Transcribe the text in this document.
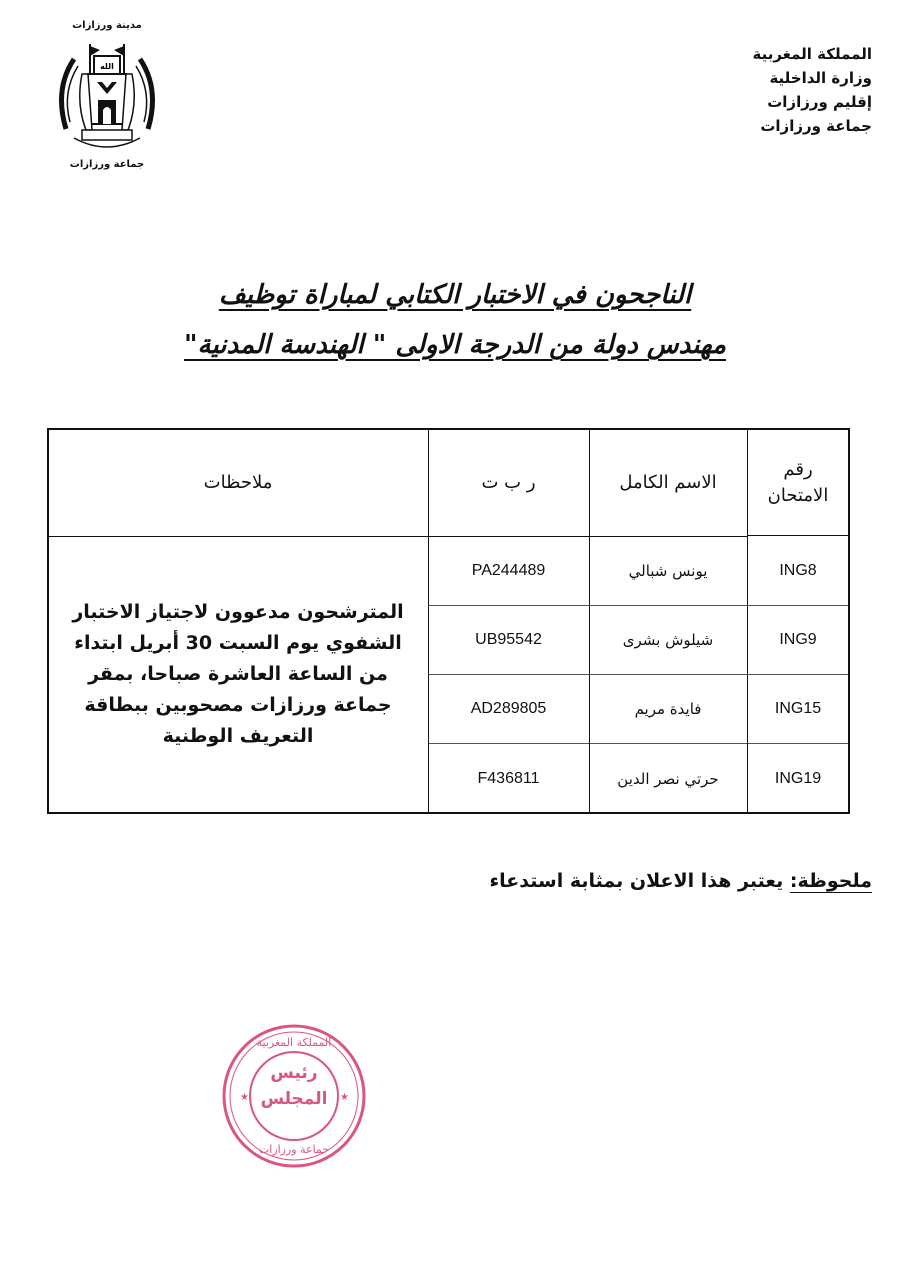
مدينة ورزازات
الله
جماعة ورزازات
المملكة المغربية
وزارة الداخلية
إقليم ورزازات
جماعة ورزازات
الناجحون في الاختبار الكتابي لمباراة توظيف
مهندس دولة من الدرجة الاولى " الهندسة المدنية"
رقم الامتحان
ING8
ING9
ING15
ING19
الاسم الكامل
يونس شبالي
شيلوش بشرى
فايدة مريم
حرتي نصر الدين
ر ب ت
PA244489
UB95542
AD289805
F436811
ملاحظات
المترشحون مدعوون لاجتياز الاختبار الشفوي يوم السبت 30 أبريل ابتداء من الساعة العاشرة صباحا، بمقر جماعة ورزازات مصحوبين ببطاقة التعريف الوطنية
ملحوظة: يعتبر هذا الاعلان بمثابة استدعاء
★	★
المملكة المغربية
رئيس
المجلس
جماعة ورزازات
